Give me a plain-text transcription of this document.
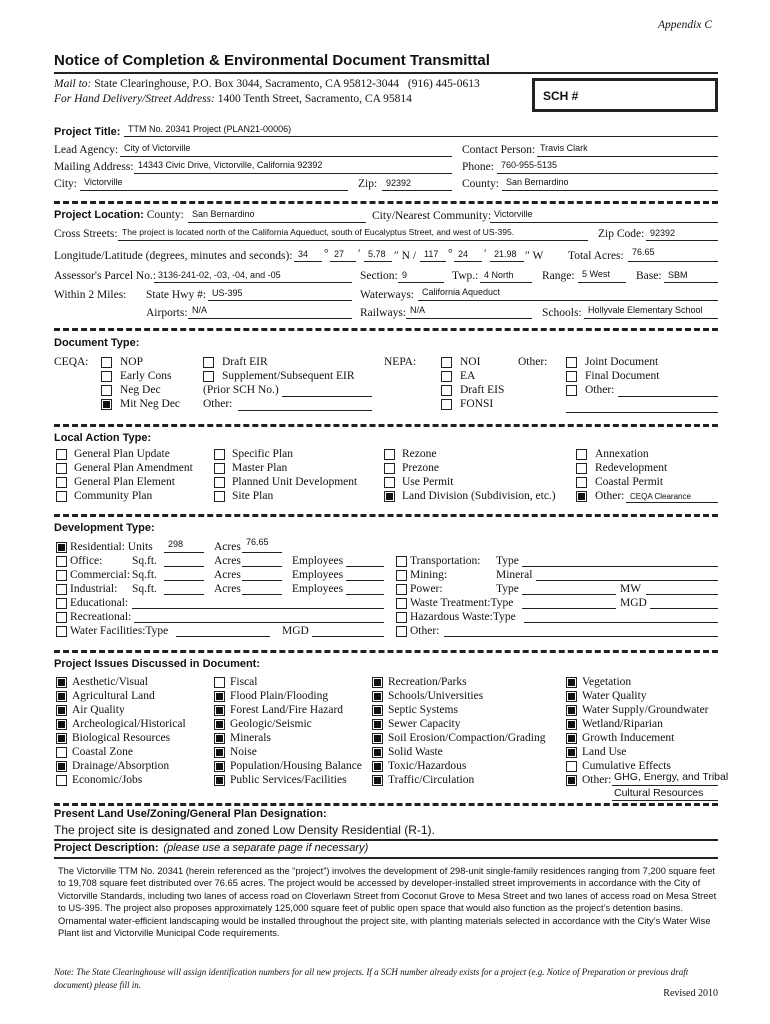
Appendix C
Notice of Completion & Environmental Document Transmittal
Mail to: State Clearinghouse, P.O. Box 3044, Sacramento, CA 95812-3044 (916) 445-0613
For Hand Delivery/Street Address: 1400 Tenth Street, Sacramento, CA 95814	SCH #
Project Title: TTM No. 20341 Project (PLAN21-00006)
Lead Agency: City of Victorville	Contact Person: Travis Clark
Mailing Address: 14343 Civic Drive, Victorville, California 92392	Phone: 760-955-5135
City: Victorville	Zip: 92392	County: San Bernardino
Project Location: County: San Bernardino	City/Nearest Community: Victorville
Cross Streets: The project is located north of the California Aqueduct, south of Eucalyptus Street, and west of US-395.	Zip Code: 92392
Longitude/Latitude (degrees, minutes and seconds): 34 ° 27 ′ 5.78 ″ N / 117 ° 24 ′ 21.98 ″ W Total Acres: 76.65
Assessor's Parcel No.: 3136-241-02, -03, -04, and -05	Section: 9	Twp.: 4 North Range: 5 West Base: SBM
Within 2 Miles: State Hwy #: US-395	Waterways: California Aqueduct
Airports: N/A	Railways: N/A	Schools: Hollyvale Elementary School
Document Type:
CEQA:	NEPA:	Other:
NOP
Early Cons
Neg Dec
Mit Neg Dec
Draft EIR
Supplement/Subsequent EIR
(Prior SCH No.)
Other:
NOI
EA
Draft EIS
FONSI
Joint Document
Final Document
Other:
Local Action Type:
General Plan Update
General Plan Amendment
General Plan Element
Community Plan
Specific Plan
Master Plan
Planned Unit Development
Site Plan
Rezone
Prezone
Use Permit
Land Division (Subdivision, etc.)
Annexation
Redevelopment
Coastal Permit
Other: CEQA Clearance
Development Type:
Residential: Units 298	Acres 76.65
Office:	Sq.ft.	Acres	Employees
Commercial: Sq.ft.	Acres	Employees
Industrial: Sq.ft.	Acres	Employees
Educational:
Recreational:
Water Facilities:Type	MGD
Transportation: Type
Mining:	Mineral
Power:	Type	MW
Waste Treatment:Type	MGD
Hazardous Waste:Type
Other:
Project Issues Discussed in Document:
Aesthetic/Visual
Agricultural Land
Air Quality
Archeological/Historical
Biological Resources
Coastal Zone
Drainage/Absorption
Economic/Jobs
Fiscal
Flood Plain/Flooding
Forest Land/Fire Hazard
Geologic/Seismic
Minerals
Noise
Population/Housing Balance
Public Services/Facilities
Recreation/Parks
Schools/Universities
Septic Systems
Sewer Capacity
Soil Erosion/Compaction/Grading
Solid Waste
Toxic/Hazardous
Traffic/Circulation
Vegetation
Water Quality
Water Supply/Groundwater
Wetland/Riparian
Growth Inducement
Land Use
Cumulative Effects
Other: GHG, Energy, and Tribal
Cultural Resources
Present Land Use/Zoning/General Plan Designation:
The project site is designated and zoned Low Density Residential (R-1).
Project Description: (please use a separate page if necessary)
The Victorville TTM No. 20341 (herein referenced as the “project”) involves the development of 298-unit single-family residences ranging from 7,200 square feet to 19,708 square feet distributed over 76.65 acres. The project would be accessed by developer-installed street improvements in accordance with the City of Victorville Standards, including two lanes of access road on Cloverlawn Street from Coconut Grove to Mesa Street and two lanes of access road on Mesa Street to US-395. The project also proposes approximately 125,000 square feet of public open space that would also function as the project’s detention basins. Ornamental water-efficient landscaping would be installed throughout the project site, with planting materials selected in accordance with the City’s Water Wise Plant list and Victorville Municipal Code requirements.
Note: The State Clearinghouse will assign identification numbers for all new projects. If a SCH number already exists for a project (e.g. Notice of Preparation or previous draft document) please fill in.
Revised 2010
